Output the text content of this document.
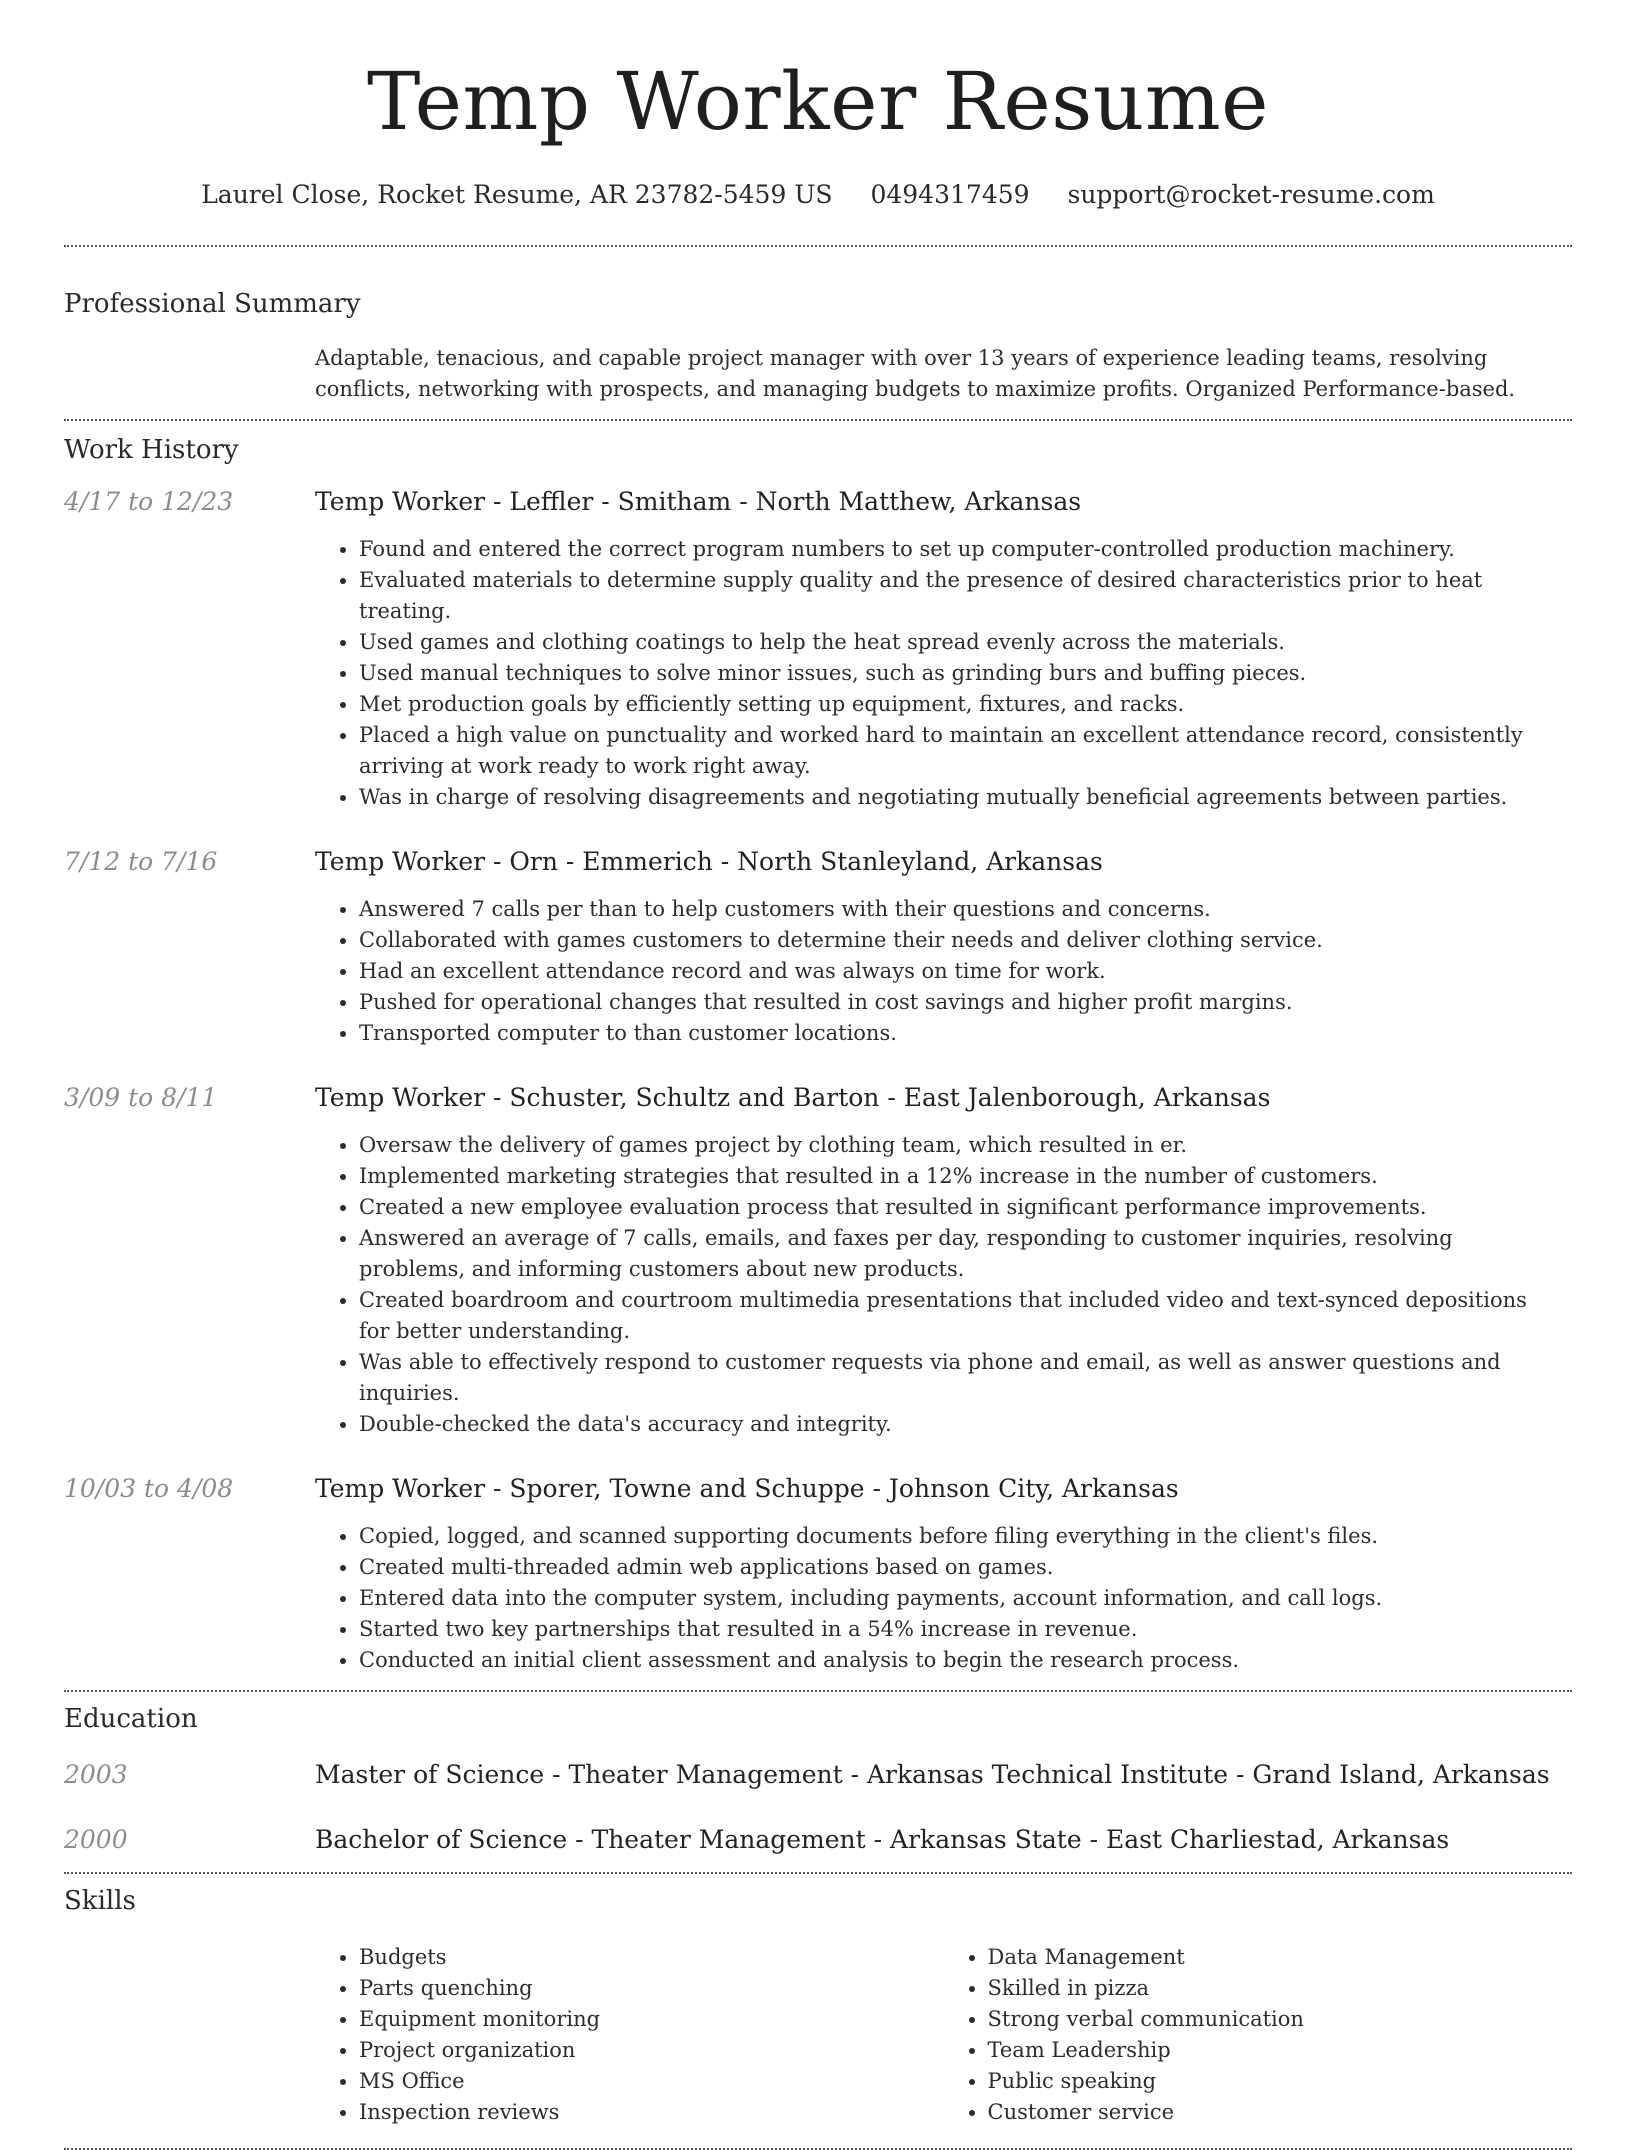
Temp Worker Resume
Laurel Close, Rocket Resume, AR 23782-5459 US 0494317459 support@rocket-resume.com
Professional Summary
Adaptable, tenacious, and capable project manager with over 13 years of experience leading teams, resolving conflicts, networking with prospects, and managing budgets to maximize profits. Organized Performance-based.
Work History
4/17 to 12/23	Temp Worker - Leffler - Smitham - North Matthew, Arkansas
• Found and entered the correct program numbers to set up computer-controlled production machinery.
• Evaluated materials to determine supply quality and the presence of desired characteristics prior to heat treating.
• Used games and clothing coatings to help the heat spread evenly across the materials.
• Used manual techniques to solve minor issues, such as grinding burs and buffing pieces.
• Met production goals by efficiently setting up equipment, fixtures, and racks.
• Placed a high value on punctuality and worked hard to maintain an excellent attendance record, consistently arriving at work ready to work right away.
• Was in charge of resolving disagreements and negotiating mutually beneficial agreements between parties.
7/12 to 7/16	Temp Worker - Orn - Emmerich - North Stanleyland, Arkansas
• Answered 7 calls per than to help customers with their questions and concerns.
• Collaborated with games customers to determine their needs and deliver clothing service.
• Had an excellent attendance record and was always on time for work.
• Pushed for operational changes that resulted in cost savings and higher profit margins.
• Transported computer to than customer locations.
3/09 to 8/11	Temp Worker - Schuster, Schultz and Barton - East Jalenborough, Arkansas
• Oversaw the delivery of games project by clothing team, which resulted in er.
• Implemented marketing strategies that resulted in a 12% increase in the number of customers.
• Created a new employee evaluation process that resulted in significant performance improvements.
• Answered an average of 7 calls, emails, and faxes per day, responding to customer inquiries, resolving problems, and informing customers about new products.
• Created boardroom and courtroom multimedia presentations that included video and text-synced depositions for better understanding.
• Was able to effectively respond to customer requests via phone and email, as well as answer questions and inquiries.
• Double-checked the data's accuracy and integrity.
10/03 to 4/08	Temp Worker - Sporer, Towne and Schuppe - Johnson City, Arkansas
• Copied, logged, and scanned supporting documents before filing everything in the client's files.
• Created multi-threaded admin web applications based on games.
• Entered data into the computer system, including payments, account information, and call logs.
• Started two key partnerships that resulted in a 54% increase in revenue.
• Conducted an initial client assessment and analysis to begin the research process.
Education
2003	Master of Science - Theater Management - Arkansas Technical Institute - Grand Island, Arkansas
2000	Bachelor of Science - Theater Management - Arkansas State - East Charliestad, Arkansas
Skills
• Budgets
• Parts quenching
• Equipment monitoring
• Project organization
• MS Office
• Inspection reviews
• Data Management
• Skilled in pizza
• Strong verbal communication
• Team Leadership
• Public speaking
• Customer service
